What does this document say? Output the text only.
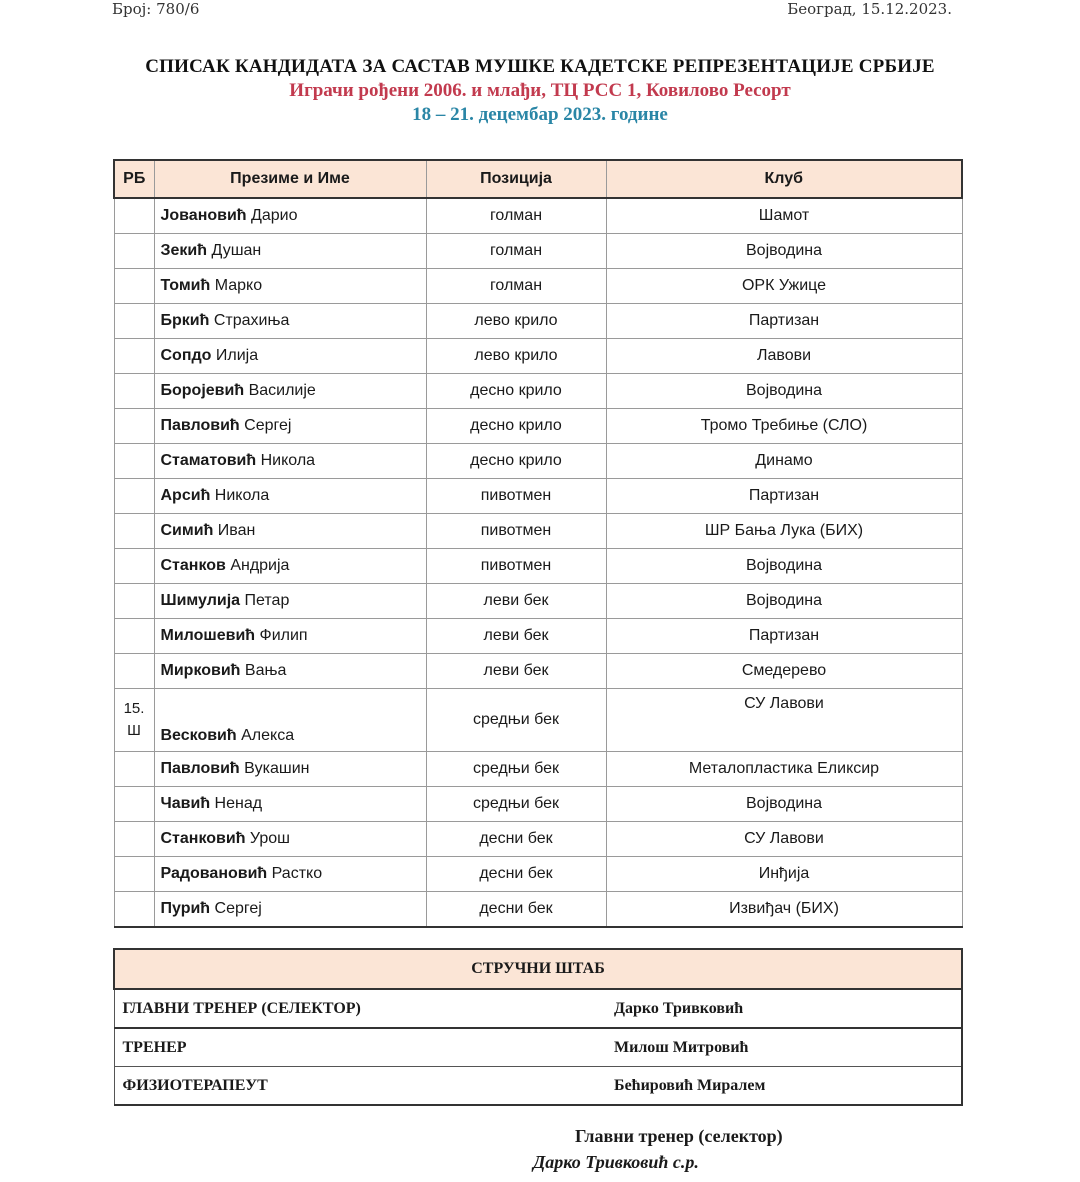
Број: 780/6	Београд, 15.12.2023.
СПИСАК КАНДИДАТА ЗА САСТАВ МУШКЕ КАДЕТСКЕ РЕПРЕЗЕНТАЦИЈЕ СРБИЈЕ
Играчи рођени 2006. и млађи, ТЦ РСС 1, Ковилово Ресорт
18 – 21. децембар 2023. године
РБ	Презиме и Име	Позиција	Клуб
	Јовановић Дарио	голман	Шамот
	Зекић Душан	голман	Војводина
	Томић Марко	голман	ОРК Ужице
	Бркић Страхиња	лево крило	Партизан
	Сопдо Илија	лево крило	Лавови
	Боројевић Василије	десно крило	Војводина
	Павловић Сергеј	десно крило	Тромо Требиње (СЛО)
	Стаматовић Никола	десно крило	Динамо
	Арсић Никола	пивотмен	Партизан
	Симић Иван	пивотмен	ШР Бања Лука (БИХ)
	Станков Андрија	пивотмен	Војводина
	Шимулија Петар	леви бек	Војводина
	Милошевић Филип	леви бек	Партизан
	Мирковић Вања	леви бек	Смедерево
15.
Ш	Весковић Алекса	средњи бек	СУ Лавови
	Павловић Вукашин	средњи бек	Металопластика Еликсир
	Чавић Ненад	средњи бек	Војводина
	Станковић Урош	десни бек	СУ Лавови
	Радовановић Растко	десни бек	Инђија
	Пурић Сергеј	десни бек	Извиђач (БИХ)
СТРУЧНИ ШТАБ	
ГЛАВНИ ТРЕНЕР (СЕЛЕКТОР)	Дарко Тривковић
ТРЕНЕР	Милош Митровић
ФИЗИОТЕРАПЕУТ	Бећировић Миралем
Главни тренер (селектор)
Дарко Тривковић с.р.
